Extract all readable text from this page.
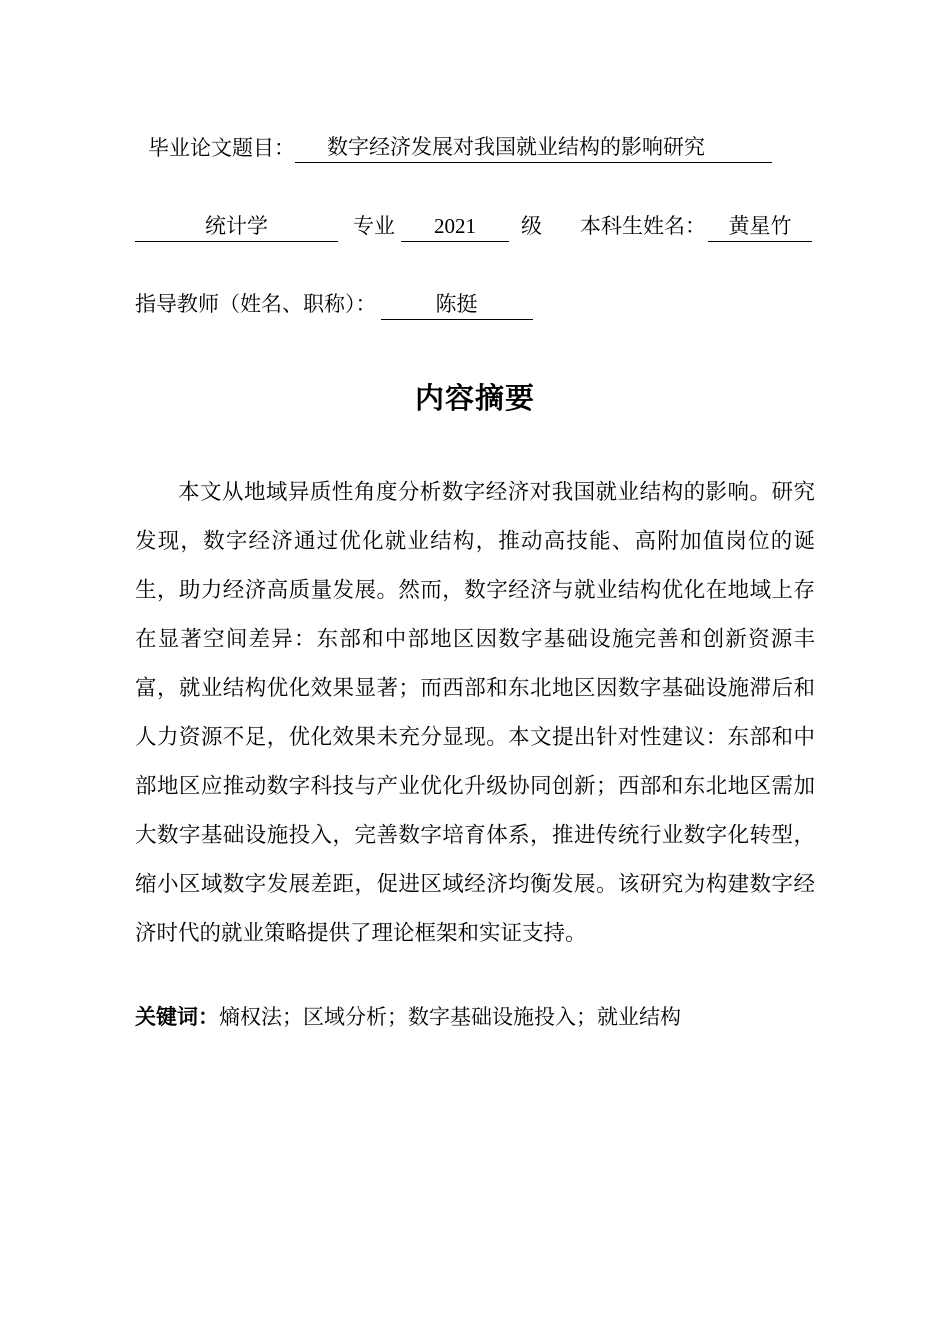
毕业论文题目： 数字经济发展对我国就业结构的影响研究
统计学	专业	2021	级 本科生姓名：	黄星竹
指导教师（姓名、职称）：	陈挺
内容摘要

本文从地域异质性角度分析数字经济对我国就业结构的影响。研究发现，数字经济通过优化就业结构，推动高技能、高附加值岗位的诞生，助力经济高质量发展。然而，数字经济与就业结构优化在地域上存在显著空间差异：东部和中部地区因数字基础设施完善和创新资源丰富，就业结构优化效果显著；而西部和东北地区因数字基础设施滞后和人力资源不足，优化效果未充分显现。本文提出针对性建议：东部和中部地区应推动数字科技与产业优化升级协同创新；西部和东北地区需加大数字基础设施投入，完善数字培育体系，推进传统行业数字化转型，缩小区域数字发展差距，促进区域经济均衡发展。该研究为构建数字经济时代的就业策略提供了理论框架和实证支持。

关键词：熵权法；区域分析；数字基础设施投入；就业结构
